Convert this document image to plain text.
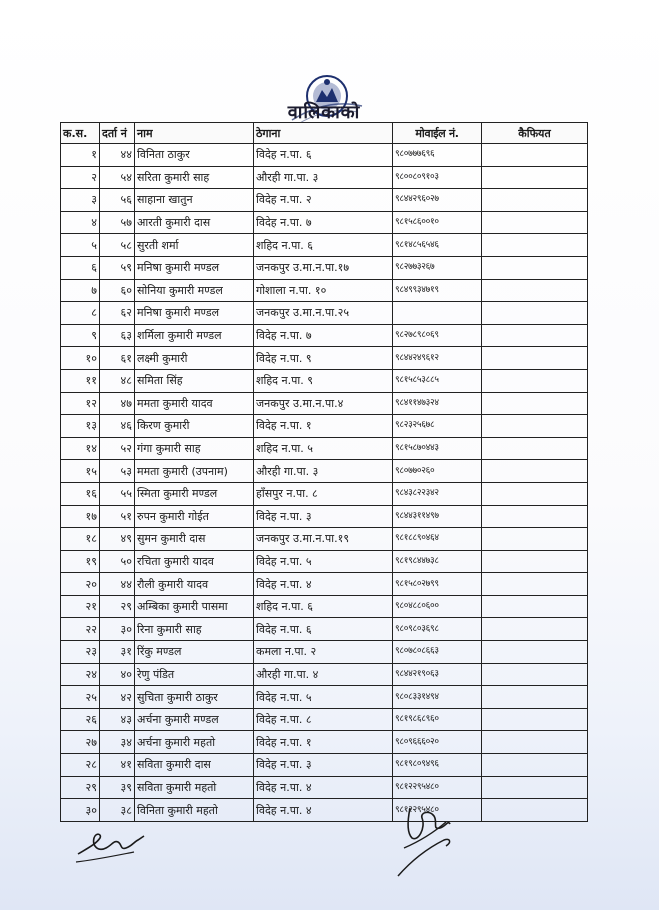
वालिकाको
क.स.	दर्ता नं	नाम	ठेगाना	मोवाईल नं.	कैफियत
१	४४	विनिता ठाकुर	विदेह न.पा. ६	९८०७७७६९६	
२	५४	सरिता कुमारी साह	औरही गा.पा. ३	९८००८०९१०३	
३	५६	साहाना खातुन	विदेह न.पा. २	९८४४२९६०२७	
४	५७	आरती कुमारी दास	विदेह न.पा. ७	९८१५८६००१०	
५	५८	सुरती शर्मा	शहिद न.पा. ६	९८१४८५६५४६	
६	५९	मनिषा कुमारी मण्डल	जनकपुर उ.मा.न.पा.१७	९८२७७३२६७	
७	६०	सोनिया कुमारी मण्डल	गोशाला न.पा. १०	९८४९९३४७१९	
८	६२	मनिषा कुमारी मण्डल	जनकपुर उ.मा.न.पा.२५		
९	६३	शर्मिला कुमारी मण्डल	विदेह न.पा. ७	९८२७८९८०६९	
१०	६१	लक्ष्मी कुमारी	विदेह न.पा. ९	९८४४२४९६१२	
११	४८	समिता सिंह	शहिद न.पा. ९	९८१५८५३८८५	
१२	४७	ममता कुमारी यादव	जनकपुर उ.मा.न.पा.४	९८४११४७३२४	
१३	४६	किरण कुमारी	विदेह न.पा. १	९८२३२५६७८	
१४	५२	गंगा कुमारी साह	शहिद न.पा. ५	९८१५८७०४४३	
१५	५३	ममता कुमारी (उपनाम)	औरही गा.पा. ३	९८०७७०२६०	
१६	५५	स्मिता कुमारी मण्डल	हाँसपुर न.पा. ८	९८४३८२२३४२	
१७	५१	रुपन कुमारी गोईत	विदेह न.पा. ३	९८४४३११४९७	
१८	४९	सुमन कुमारी दास	जनकपुर उ.मा.न.पा.१९	९८१८८९०४६४	
१९	५०	रचिता कुमारी यादव	विदेह न.पा. ५	९८१९८४४७३८	
२०	४४	रौली कुमारी यादव	विदेह न.पा. ४	९८१५८०२७९९	
२१	२९	अम्बिका कुमारी पासमा	शहिद न.पा. ६	९८०४८८०६००	
२२	३०	रिना कुमारी साह	विदेह न.पा. ६	९८०९८०३६९८	
२३	३१	रिंकु मण्डल	कमला न.पा. २	९८०७८०८६६३	
२४	४०	रेणु पंडित	औरही गा.पा. ४	९८४४२१९०६३	
२५	४२	सुचिता कुमारी ठाकुर	विदेह न.पा. ५	९८०८३३१४९४	
२६	४३	अर्चना कुमारी मण्डल	विदेह न.पा. ८	९८१९८६८९६०	
२७	३४	अर्चना कुमारी महतो	विदेह न.पा. १	९८०९६६६०२०	
२८	४१	सविता कुमारी दास	विदेह न.पा. ३	९८१९८०९४९६	
२९	३९	सविता कुमारी महतो	विदेह न.पा. ४	९८१२२९५४८०	
३०	३८	विनिता कुमारी महतो	विदेह न.पा. ४	९८१२२९५४८०	
